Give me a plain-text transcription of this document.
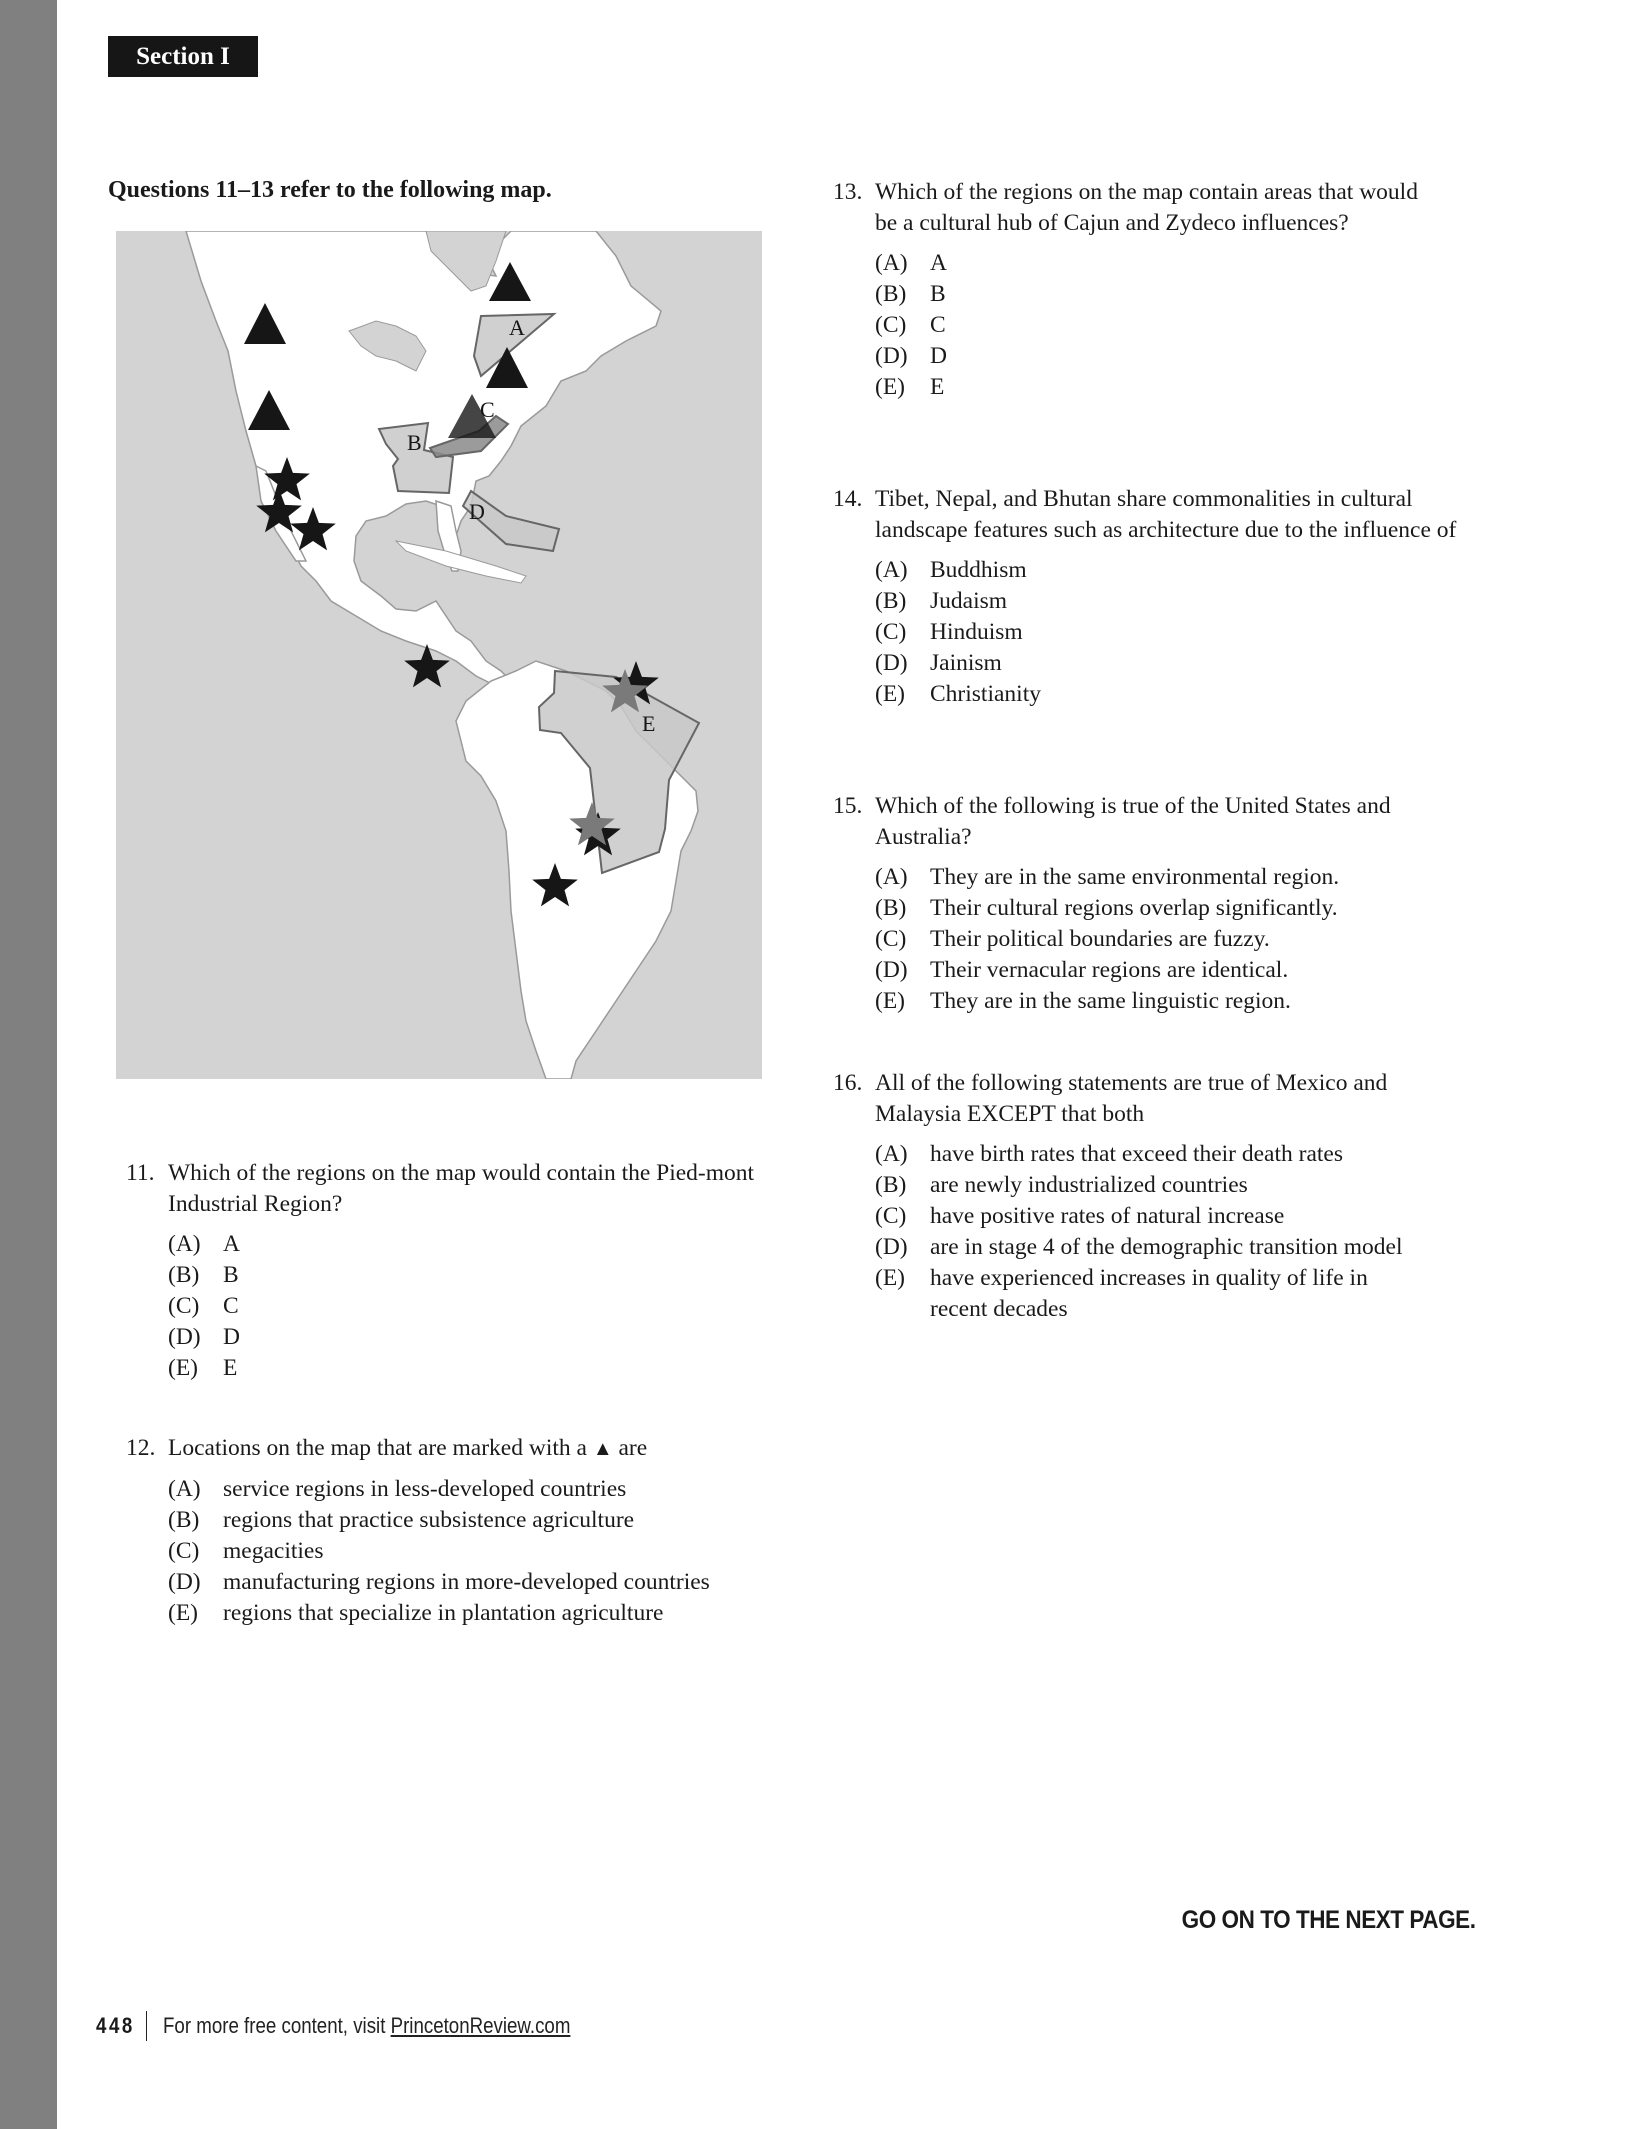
Section I
Questions 11–13 refer to the following map.
A
B
C
D
E
11. Which of the regions on the map would contain the Pied-mont Industrial Region?
(A) A
(B)	B
(C)	C
(D) D
(E)	E
12. Locations on the map that are marked with a ▲ are
(A) service regions in less-developed countries
(B)	regions that practice subsistence agriculture
(C)	megacities
(D) manufacturing regions in more-developed countries
(E)	regions that specialize in plantation agriculture
13. Which of the regions on the map contain areas that would be a cultural hub of Cajun and Zydeco influences?
(A) A
(B)	B
(C)	C
(D) D
(E)	E
14. Tibet, Nepal, and Bhutan share commonalities in cultural landscape features such as architecture due to the influence of
(A) Buddhism
(B)	Judaism
(C)	Hinduism
(D) Jainism
(E)	Christianity
15. Which of the following is true of the United States and Australia?
(A) They are in the same environmental region.
(B)	Their cultural regions overlap significantly.
(C)	Their political boundaries are fuzzy.
(D) Their vernacular regions are identical.
(E)	They are in the same linguistic region.
16. All of the following statements are true of Mexico and Malaysia EXCEPT that both
(A) have birth rates that exceed their death rates
(B)	are newly industrialized countries
(C)	have positive rates of natural increase
(D) are in stage 4 of the demographic transition model
(E)	have experienced increases in quality of life in recent decades
GO ON TO THE NEXT PAGE.
448 For more free content, visit PrincetonReview.com
